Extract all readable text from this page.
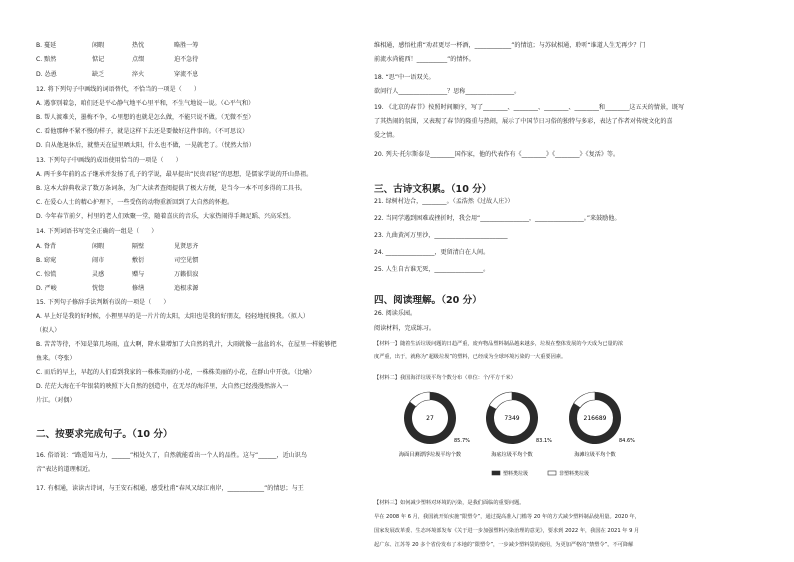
B. 蔓延	闲暇	热忱	略胜一筹
C. 黯然	惦记	点缀	迫不急待
D. 怂恿	缺乏	淬火	穿流不息
12. 将下列句子中画线的词语替代，不恰当的一项是（　　）
A. 遇事别着急，咱们还是平心静气地平心里平和，不生气地说一说。（心平气和）
B. 帮人渡难关，墨梅不争，心里想的也就是怎么做，不能只说不做。（无微不至）
C. 看他那种不紧不慢的样子，就是这样下去还是要做好这件事的。（不可思议）
D. 自从他退休后，就整天在屋里晒太阳，什么也不做，一晃就老了。（恍然大悟）
13. 下列句子中画线的成语使用恰当的一项是（　　）
A. 两千多年前的孟子继承并发扬了孔子的学说，最早提出“民贵君轻”的思想，是儒家学说的开山鼻祖。
B. 这本大辞典收录了数万条词条，为广大读者查阅提供了极大方便，是当今一本不可多得的工具书。
C. 在爱心人士的精心护理下，一些受伤的动物重新回到了大自然的怀抱。
D. 今年春节前夕，村里的老人们欢聚一堂，随着喜庆的音乐，大家热闹得手舞足蹈、兴高采烈。
14. 下列词语书写完全正确的一组是（　　）
A. 脊背	闲暇	隔壁	见贤思齐
B. 窈窕	闹市	敷衍	司空见惯
C. 惊慌	灵感	赠与	万籁俱寂
D. 严峻	恍惚	修缮	追根求源
15. 下列句子修辞手法判断有误的一项是（　　）
A. 早上好是我的好时候，小狸里早的是一片片的太阳，太阳也是我的好朋友，轻轻地抚摸我。（拟人）
（拟人）
B. 苦苦等待，不知是第几场雨，直大啊，降水量增加了大自然的乳汁，大雨就像一盆盆的水，在屋里一样能够把
鱼来。（夸张）
C. 而后的早上，早起的人们看到我家的一株株美丽的小花，一株株美丽的小花，在群山中开放。（比喻）
D. 茫茫大海在千年银装的映照下大自然的创造中，在无尽的海洋里，大自然已经漫漫然溶入一
片江。（对偶）
二、按要求完成句子。（10 分）
16. 俗语说：“路遥知马力，______”相处久了，自然就能看出一个人的品性。这与“______，近山识鸟
音”表达的道理相近。
17. 有相通，读读古诗词，与王安石相通，感受杜甫“春风又绿江南岸，____________”的情思；与王
维相通，感悟杜甫“劝君更尽一杯酒，____________”的情谊；与苏轼相通，聆听“谁道人生无再少？门
前流水尚能西！__________”的情怀。
18. “思”中一语双关。
欲问行人________________？思称________________。
19. 《北京的春节》按照时间顺序，写了________、________、________、________和________这五天的情景，既写
了其热闹的氛围，又表现了春节的隆重与热闹，展示了中国节日习俗的独特与多彩，表达了作者对传统文化的喜
爱之情。
20. 列夫·托尔斯泰是________国作家，他的代表作有《________》《________》《复活》等。
三、古诗文积累。（10 分）
21. 绿树村边合，________。（孟浩然《过故人庄》）
22. 当同学遇到困难或挫折时，我会用“________________，________________。”来鼓励他。
23. 九曲黄河万里沙，________________________
24. ________________，更留清白在人间。
25. 人生自古谁无死，________________。
四、阅读理解。（20 分）
26. 阅读乐园。
阅读材料，完成练习。
【材料一】随着生活垃圾问题的日趋严重，废弃物品塑料制品越来越多，垃圾在整体发展的今天成为已量的浓
度严重，出于，就称为“超级垃圾”的塑料，已经成为全球环境污染的一大重要因素。
【材料二】我国海洋垃圾平均个数分布（单位：个/平方千米）
27
85.7%
海面目测漂浮垃圾平均个数
7349
83.1%
海底垃圾平均个数
216689
84.6%
海滩垃圾平均个数
塑料类垃圾	非塑料类垃圾
【材料三】如何减少塑料对环境的污染，是我们面临的重要问题。
早在 2008 年 6 月，我国就开始实施“限塑令”，通过提高准入门槛等 20 年的方式减少塑料制品使用量。2020 年，
国家发展改革委、生态环境部发布《关于进一步加强塑料污染治理的意见》，要求到 2022 年，我国在 2021 年 9 月
起广东、江苏等 20 多个省份发布了本地的“限塑令”，一步减少塑料袋的使用，为更加严格的“禁塑令”。不可降解
